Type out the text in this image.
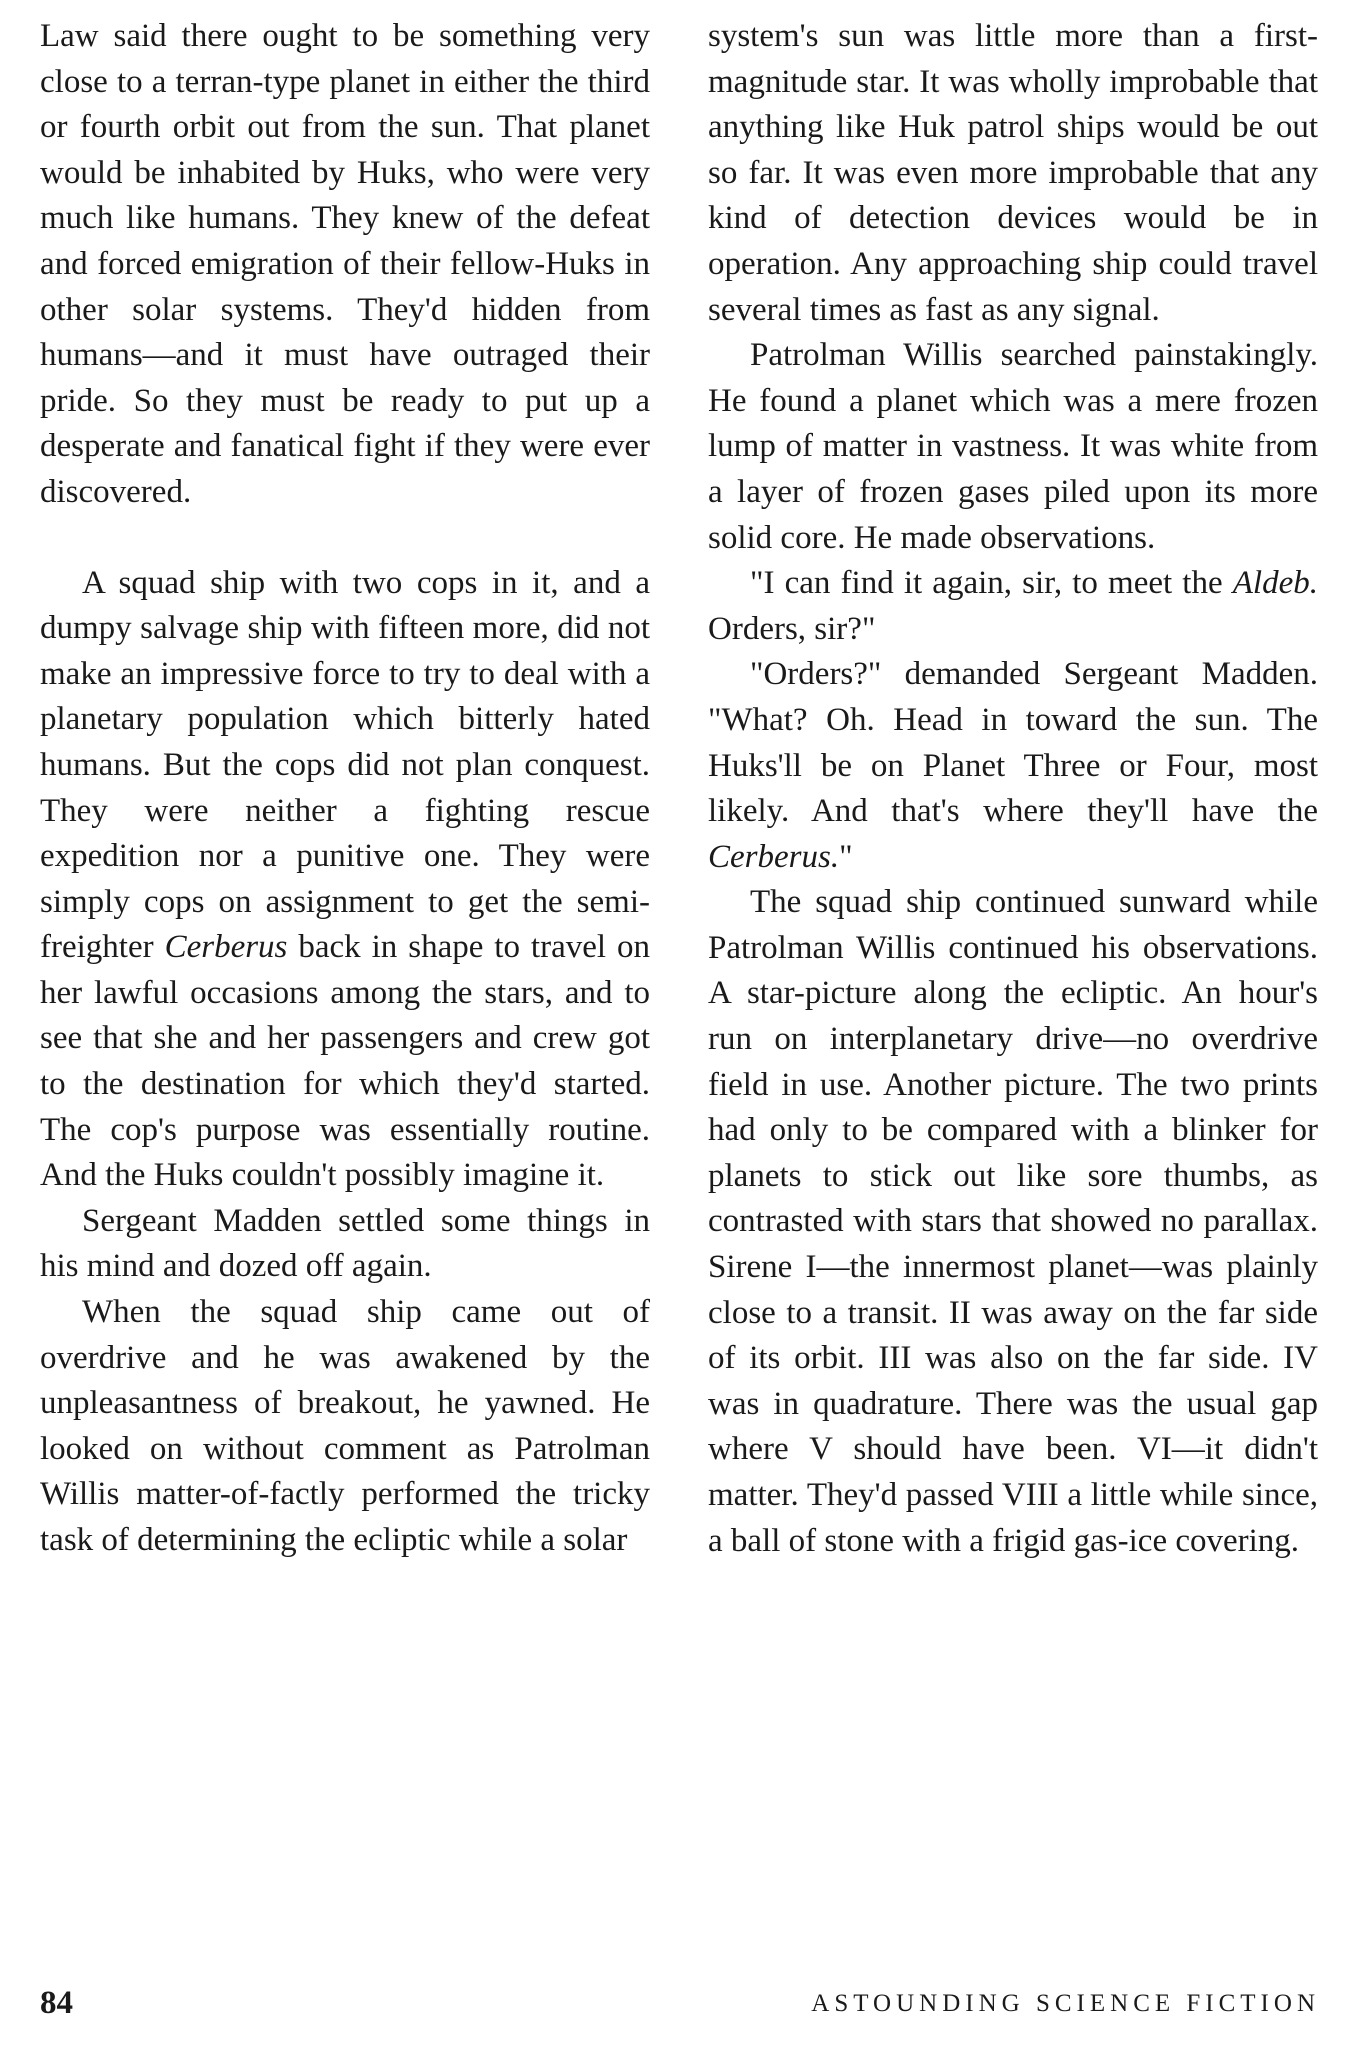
Law said there ought to be something very close to a terran-type planet in either the third or fourth orbit out from the sun. That planet would be inhabited by Huks, who were very much like humans. They knew of the defeat and forced emigration of their fellow-Huks in other solar systems. They'd hidden from humans—and it must have outraged their pride. So they must be ready to put up a desperate and fanatical fight if they were ever discovered.

A squad ship with two cops in it, and a dumpy salvage ship with fifteen more, did not make an impressive force to try to deal with a planetary population which bitterly hated humans. But the cops did not plan conquest. They were neither a fighting rescue expedition nor a punitive one. They were simply cops on assignment to get the semi-freighter Cerberus back in shape to travel on her lawful occasions among the stars, and to see that she and her passengers and crew got to the destination for which they'd started. The cop's purpose was essentially routine. And the Huks couldn't possibly imagine it.

Sergeant Madden settled some things in his mind and dozed off again.

When the squad ship came out of overdrive and he was awakened by the unpleasantness of breakout, he yawned. He looked on without comment as Patrolman Willis matter-of-factly performed the tricky task of determining the ecliptic while a solar

system's sun was little more than a first-magnitude star. It was wholly improbable that anything like Huk patrol ships would be out so far. It was even more improbable that any kind of detection devices would be in operation. Any approaching ship could travel several times as fast as any signal.

Patrolman Willis searched painstakingly. He found a planet which was a mere frozen lump of matter in vastness. It was white from a layer of frozen gases piled upon its more solid core. He made observations.

"I can find it again, sir, to meet the Aldeb. Orders, sir?"

"Orders?" demanded Sergeant Madden. "What? Oh. Head in toward the sun. The Huks'll be on Planet Three or Four, most likely. And that's where they'll have the Cerberus."

The squad ship continued sunward while Patrolman Willis continued his observations. A star-picture along the ecliptic. An hour's run on interplanetary drive—no overdrive field in use. Another picture. The two prints had only to be compared with a blinker for planets to stick out like sore thumbs, as contrasted with stars that showed no parallax. Sirene I—the innermost planet—was plainly close to a transit. II was away on the far side of its orbit. III was also on the far side. IV was in quadrature. There was the usual gap where V should have been. VI—it didn't matter. They'd passed VIII a little while since, a ball of stone with a frigid gas-ice covering.

84	ASTOUNDING SCIENCE FICTION
